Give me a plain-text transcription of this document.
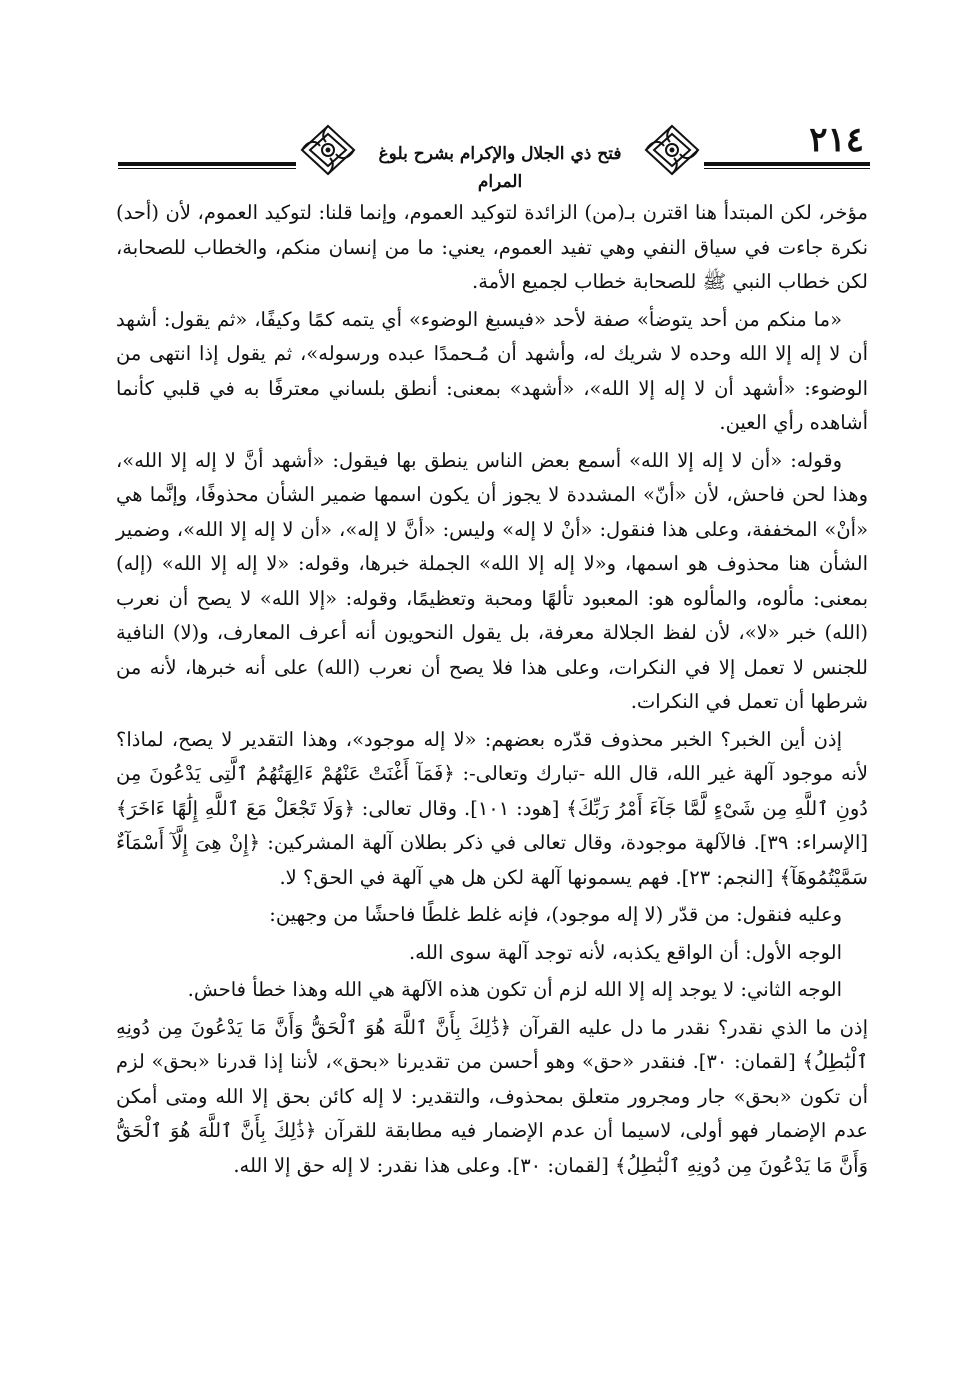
فتح ذي الجلال والإكرام بشرح بلوغ المرام
٢١٤

مؤخر، لكن المبتدأ هنا اقترن بـ(من) الزائدة لتوكيد العموم، وإنما قلنا: لتوكيد العموم، لأن (أحد) نكرة جاءت في سياق النفي وهي تفيد العموم، يعني: ما من إنسان منكم، والخطاب للصحابة، لكن خطاب النبي ﷺ للصحابة خطاب لجميع الأمة.

«ما منكم من أحد يتوضأ» صفة لأحد «فيسبغ الوضوء» أي يتمه كمًا وكيفًا، «ثم يقول: أشهد أن لا إله إلا الله وحده لا شريك له، وأشهد أن مُـحمدًا عبده ورسوله»، ثم يقول إذا انتهى من الوضوء: «أشهد أن لا إله إلا الله»، «أشهد» بمعنى: أنطق بلساني معترفًا به في قلبي كأنما أشاهده رأي العين.

وقوله: «أن لا إله إلا الله» أسمع بعض الناس ينطق بها فيقول: «أشهد أنَّ لا إله إلا الله»، وهذا لحن فاحش، لأن «أنّ» المشددة لا يجوز أن يكون اسمها ضمير الشأن محذوفًا، وإنَّما هي «أنْ» المخففة، وعلى هذا فنقول: «أنْ لا إله» وليس: «أنَّ لا إله»، «أن لا إله إلا الله»، وضمير الشأن هنا محذوف هو اسمها، و«لا إله إلا الله» الجملة خبرها، وقوله: «لا إله إلا الله» (إله) بمعنى: مألوه، والمألوه هو: المعبود تألهًا ومحبة وتعظيمًا، وقوله: «إلا الله» لا يصح أن نعرب (الله) خبر «لا»، لأن لفظ الجلالة معرفة، بل يقول النحويون أنه أعرف المعارف، و(لا) النافية للجنس لا تعمل إلا في النكرات، وعلى هذا فلا يصح أن نعرب (الله) على أنه خبرها، لأنه من شرطها أن تعمل في النكرات.

إذن أين الخبر؟ الخبر محذوف قدّره بعضهم: «لا إله موجود»، وهذا التقدير لا يصح، لماذا؟ لأنه موجود آلهة غير الله، قال الله -تبارك وتعالى-: ﴿فَمَآ أَغْنَتْ عَنْهُمْ ءَالِهَتُهُمُ ٱلَّتِى يَدْعُونَ مِن دُونِ ٱللَّهِ مِن شَىْءٍ لَّمَّا جَآءَ أَمْرُ رَبِّكَ﴾ [هود: ١٠١]. وقال تعالى: ﴿وَلَا تَجْعَلْ مَعَ ٱللَّهِ إِلَٰهًا ءَاخَرَ﴾ [الإسراء: ٣٩]. فالآلهة موجودة، وقال تعالى في ذكر بطلان آلهة المشركين: ﴿إِنْ هِىَ إِلَّآ أَسْمَآءٌ سَمَّيْتُمُوهَآ﴾ [النجم: ٢٣]. فهم يسمونها آلهة لكن هل هي آلهة في الحق؟ لا.

وعليه فنقول: من قدّر (لا إله موجود)، فإنه غلط غلطًا فاحشًا من وجهين:

الوجه الأول: أن الواقع يكذبه، لأنه توجد آلهة سوى الله.

الوجه الثاني: لا يوجد إله إلا الله لزم أن تكون هذه الآلهة هي الله وهذا خطأ فاحش.

إذن ما الذي نقدر؟ نقدر ما دل عليه القرآن ﴿ذَٰلِكَ بِأَنَّ ٱللَّهَ هُوَ ٱلْحَقُّ وَأَنَّ مَا يَدْعُونَ مِن دُونِهِ ٱلْبَٰطِلُ﴾ [لقمان: ٣٠]. فنقدر «حق» وهو أحسن من تقديرنا «بحق»، لأننا إذا قدرنا «بحق» لزم أن تكون «بحق» جار ومجرور متعلق بمحذوف، والتقدير: لا إله كائن بحق إلا الله ومتى أمكن عدم الإضمار فهو أولى، لاسيما أن عدم الإضمار فيه مطابقة للقرآن ﴿ذَٰلِكَ بِأَنَّ ٱللَّهَ هُوَ ٱلْحَقُّ وَأَنَّ مَا يَدْعُونَ مِن دُونِهِ ٱلْبَٰطِلُ﴾ [لقمان: ٣٠]. وعلى هذا نقدر: لا إله حق إلا الله.
